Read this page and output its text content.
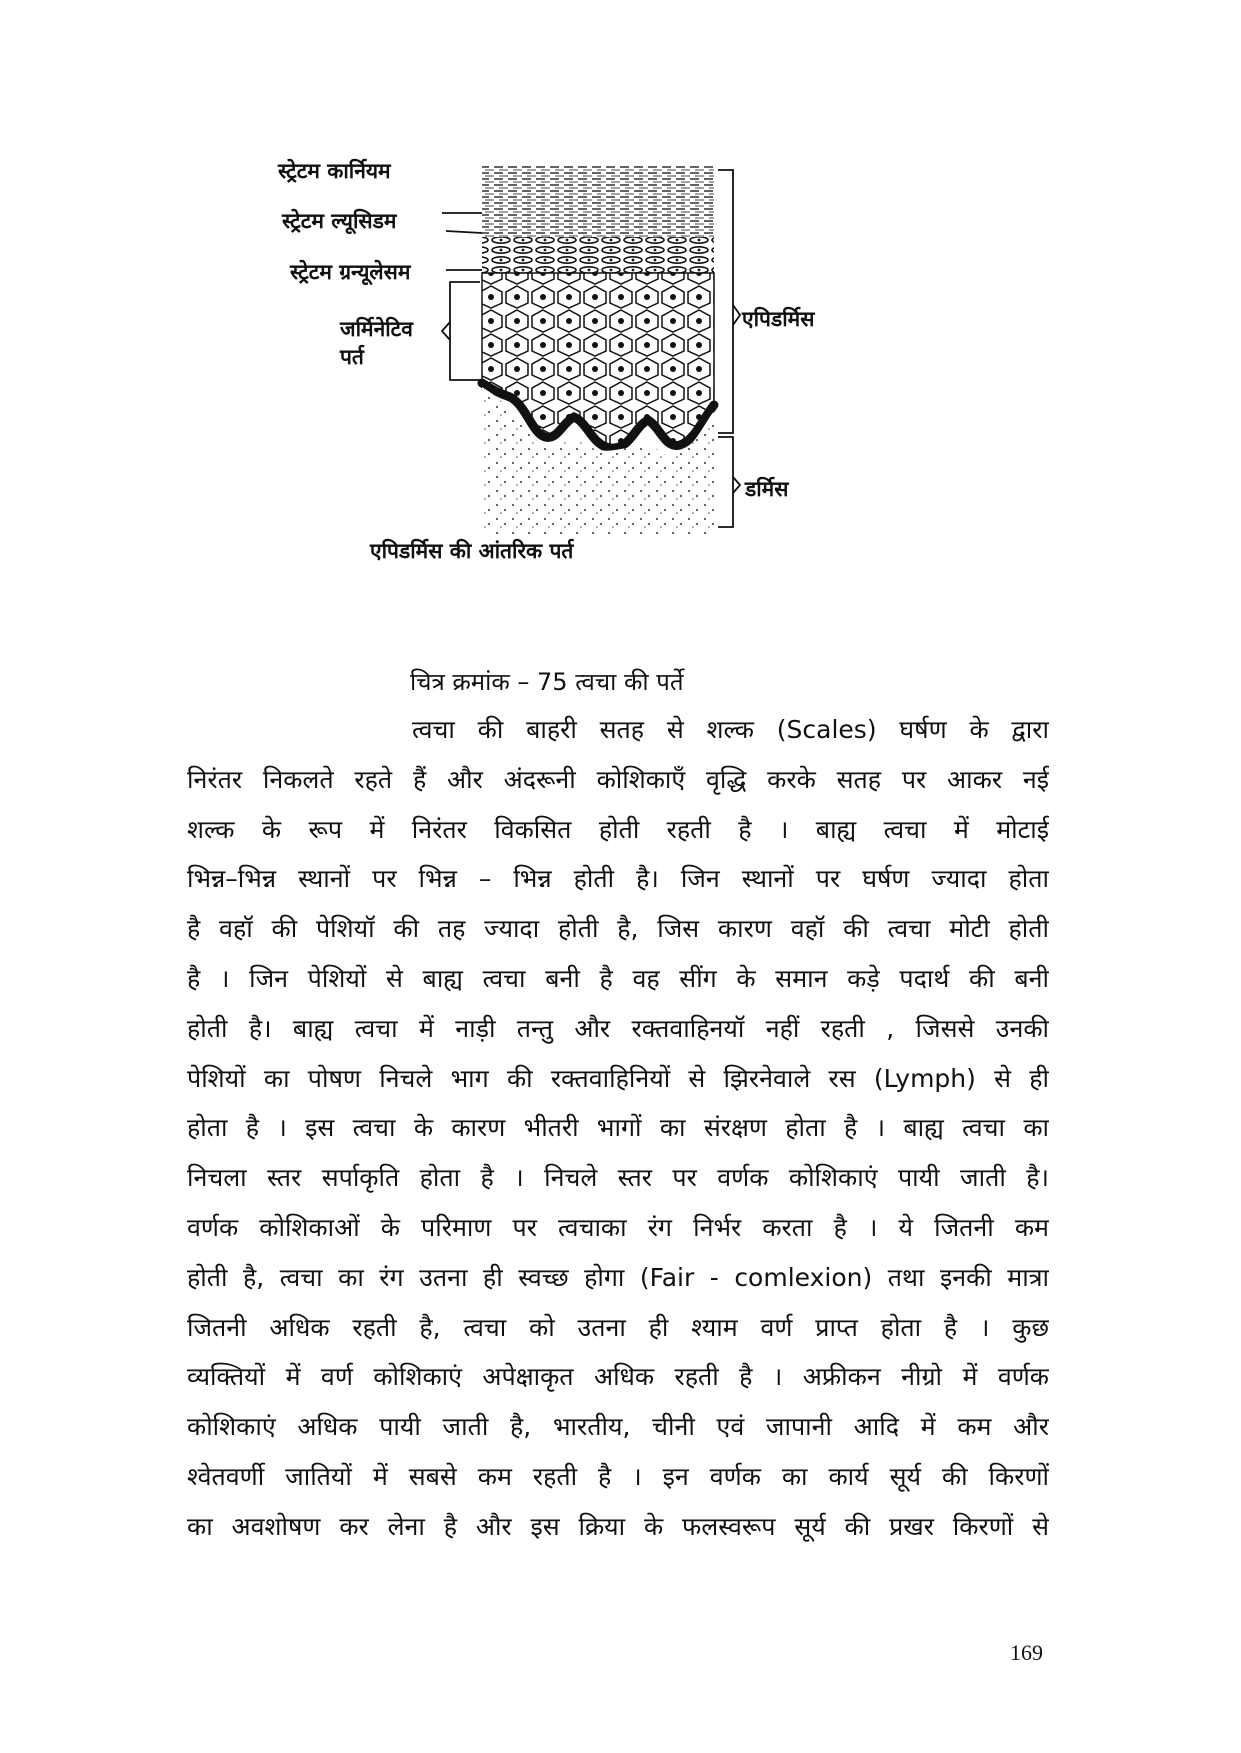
स्ट्रेटम कार्नियम
स्ट्रेटम ल्यूसिडम
स्ट्रेटम ग्रन्यूलेसम
जर्मिनेटिव
पर्त
एपिडर्मिस
डर्मिस
एपिडर्मिस की आंतरिक पर्त
चित्र क्रमांक – 75 त्वचा की पर्ते
त्वचा की बाहरी सतह से शल्क (Scales) घर्षण के द्वारा
निरंतर निकलते रहते हैं और अंदरूनी कोशिकाऍं वृद्धि करके सतह पर आकर नई
शल्क के रूप में निरंतर विकसित होती रहती है । बाह्य त्वचा में मोटाई
भिन्न–भिन्न स्थानों पर भिन्न – भिन्न होती है। जिन स्थानों पर घर्षण ज्यादा होता
है वहॉ की पेशियॉ की तह ज्यादा होती है, जिस कारण वहॉ की त्वचा मोटी होती
है । जिन पेशियों से बाह्य त्वचा बनी है वह सींग के समान कड़े पदार्थ की बनी
होती है। बाह्य त्वचा में नाड़ी तन्तु और रक्तवाहिनयॉ नहीं रहती , जिससे उनकी
पेशियों का पोषण निचले भाग की रक्तवाहिनियों से झिरनेवाले रस (Lymph) से ही
होता है । इस त्वचा के कारण भीतरी भागों का संरक्षण होता है । बाह्य त्वचा का
निचला स्तर सर्पाकृति होता है । निचले स्तर पर वर्णक कोशिकाएं पायी जाती है।
वर्णक कोशिकाओं के परिमाण पर त्वचाका रंग निर्भर करता है । ये जितनी कम
होती है, त्वचा का रंग उतना ही स्वच्छ होगा (Fair - comlexion) तथा इनकी मात्रा
जितनी अधिक रहती है, त्वचा को उतना ही श्याम वर्ण प्राप्त होता है । कुछ
व्यक्तियों में वर्ण कोशिकाएं अपेक्षाकृत अधिक रहती है । अफ्रीकन नीग्रो में वर्णक
कोशिकाएं अधिक पायी जाती है, भारतीय, चीनी एवं जापानी आदि में कम और
श्वेतवर्णी जातियों में सबसे कम रहती है । इन वर्णक का कार्य सूर्य की किरणों
का अवशोषण कर लेना है और इस क्रिया के फलस्वरूप सूर्य की प्रखर किरणों से
169
